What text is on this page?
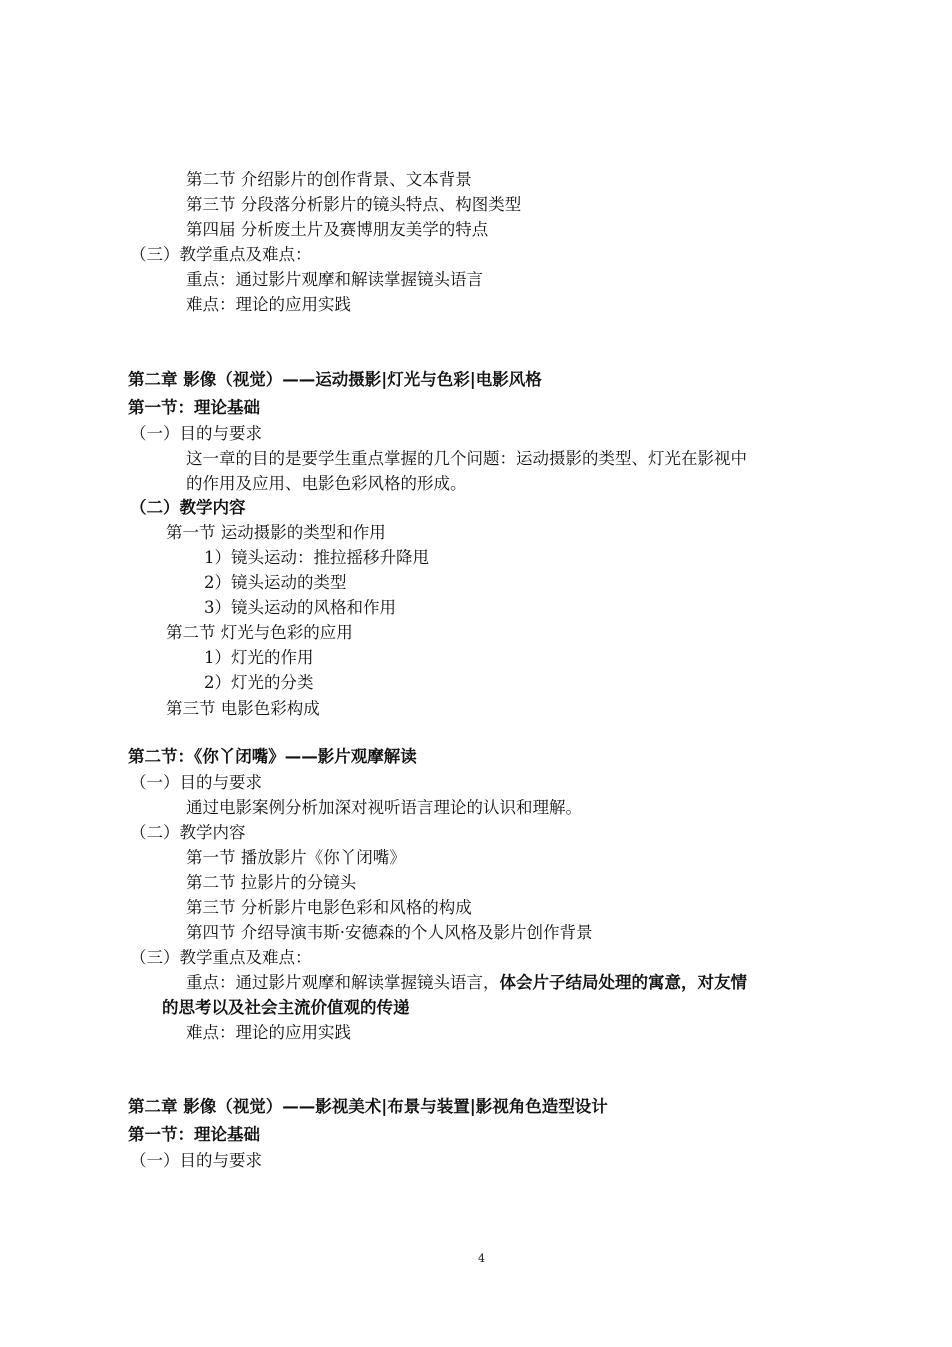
第二节 介绍影片的创作背景、文本背景
第三节 分段落分析影片的镜头特点、构图类型
第四届 分析废土片及赛博朋友美学的特点
（三）教学重点及难点：
重点：通过影片观摩和解读掌握镜头语言
难点：理论的应用实践
第二章 影像（视觉）——运动摄影|灯光与色彩|电影风格
第一节：理论基础
（一）目的与要求
这一章的目的是要学生重点掌握的几个问题：运动摄影的类型、灯光在影视中
的作用及应用、电影色彩风格的形成。
（二）教学内容
第一节 运动摄影的类型和作用
1）镜头运动：推拉摇移升降甩
2）镜头运动的类型
3）镜头运动的风格和作用
第二节 灯光与色彩的应用
1）灯光的作用
2）灯光的分类
第三节 电影色彩构成
第二节：《你丫闭嘴》——影片观摩解读
（一）目的与要求
通过电影案例分析加深对视听语言理论的认识和理解。
（二）教学内容
第一节 播放影片《你丫闭嘴》
第二节 拉影片的分镜头
第三节 分析影片电影色彩和风格的构成
第四节 介绍导演韦斯·安德森的个人风格及影片创作背景
（三）教学重点及难点：
重点：通过影片观摩和解读掌握镜头语言，体会片子结局处理的寓意，对友情
的思考以及社会主流价值观的传递
难点：理论的应用实践
第二章 影像（视觉）——影视美术|布景与装置|影视角色造型设计
第一节：理论基础
（一）目的与要求
4
